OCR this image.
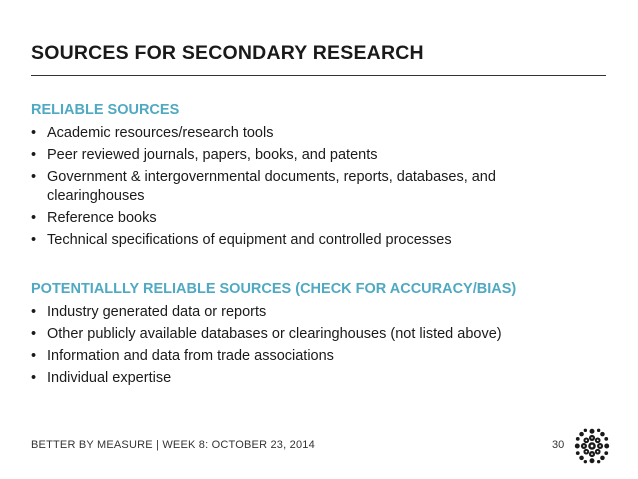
SOURCES FOR SECONDARY RESEARCH
RELIABLE SOURCES
• Academic resources/research tools
• Peer reviewed journals, papers, books, and patents
• Government & intergovernmental documents, reports, databases, and clearinghouses
• Reference books
• Technical specifications of equipment and controlled processes
POTENTIALLLY RELIABLE SOURCES (CHECK FOR ACCURACY/BIAS)
• Industry generated data or reports
• Other publicly available databases or clearinghouses (not listed above)
• Information and data from trade associations
• Individual expertise
BETTER BY MEASURE | WEEK 8: OCTOBER 23, 2014	30
